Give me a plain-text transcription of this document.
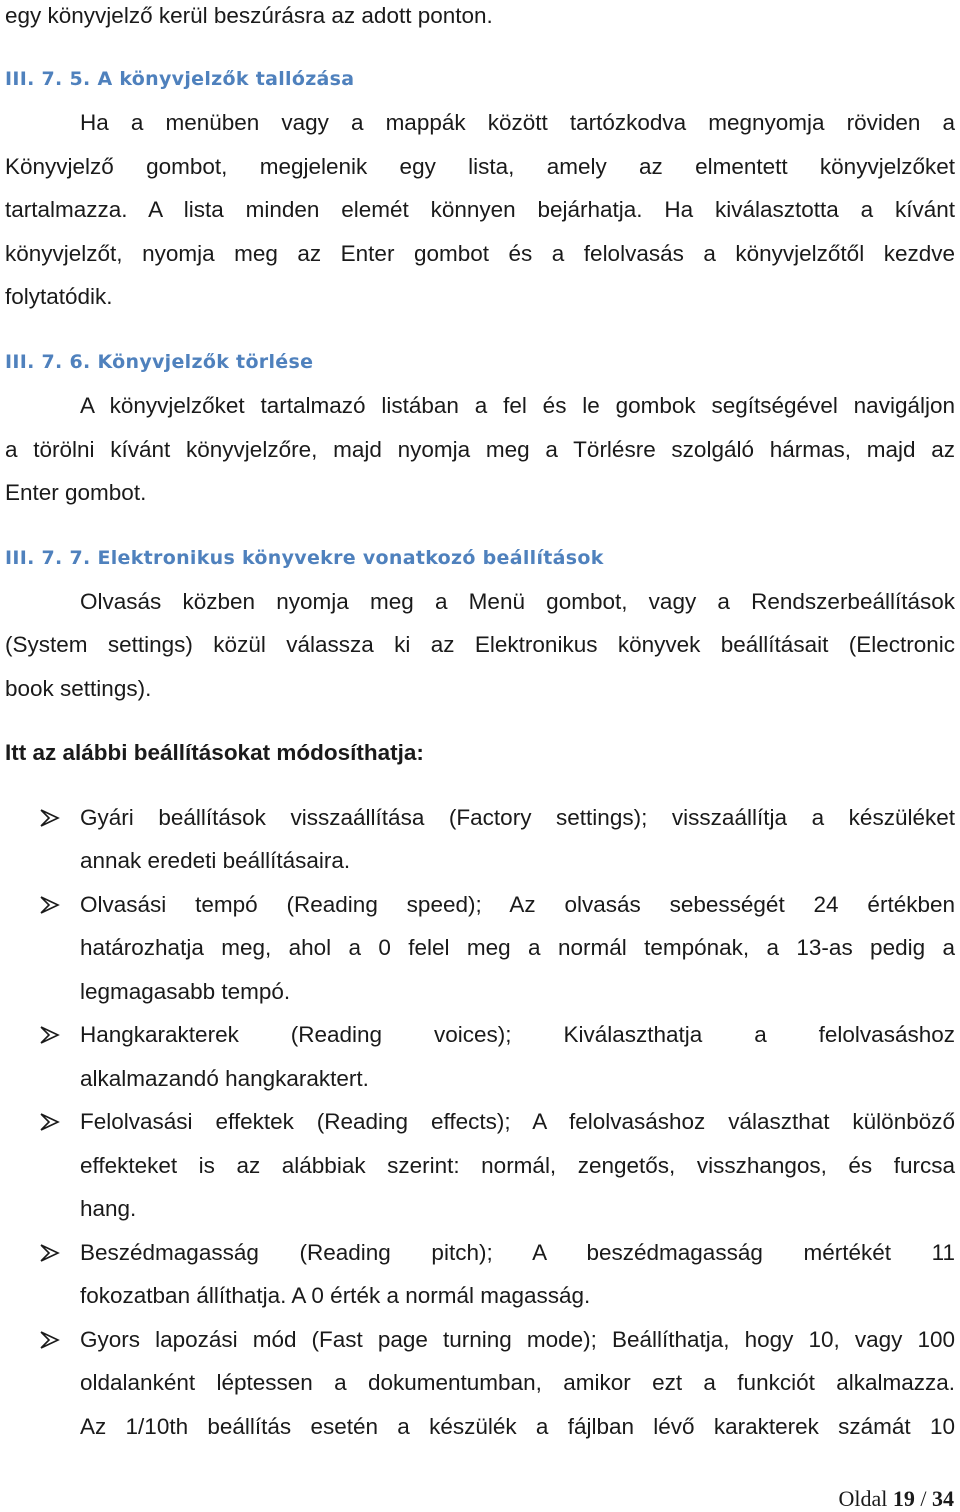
egy könyvjelző kerül beszúrásra az adott ponton.
III. 7. 5. A könyvjelzők tallózása
Ha a menüben vagy a mappák között tartózkodva megnyomja röviden a
Könyvjelző gombot, megjelenik egy lista, amely az elmentett könyvjelzőket
tartalmazza. A lista minden elemét könnyen bejárhatja. Ha kiválasztotta a kívánt
könyvjelzőt, nyomja meg az Enter gombot és a felolvasás a könyvjelzőtől kezdve
folytatódik.
III. 7. 6. Könyvjelzők törlése
A könyvjelzőket tartalmazó listában a fel és le gombok segítségével navigáljon
a törölni kívánt könyvjelzőre, majd nyomja meg a Törlésre szolgáló hármas, majd az
Enter gombot.
III. 7. 7. Elektronikus könyvekre vonatkozó beállítások
Olvasás közben nyomja meg a Menü gombot, vagy a Rendszerbeállítások
(System settings) közül válassza ki az Elektronikus könyvek beállításait (Electronic
book settings).
Itt az alábbi beállításokat módosíthatja:
Gyári beállítások visszaállítása (Factory settings); visszaállítja a készüléket
annak eredeti beállításaira.
Olvasási tempó (Reading speed); Az olvasás sebességét 24 értékben
határozhatja meg, ahol a 0 felel meg a normál tempónak, a 13-as pedig a
legmagasabb tempó.
Hangkarakterek (Reading voices); Kiválaszthatja a felolvasáshoz
alkalmazandó hangkaraktert.
Felolvasási effektek (Reading effects); A felolvasáshoz választhat különböző
effekteket is az alábbiak szerint: normál, zengetős, visszhangos, és furcsa
hang.
Beszédmagasság (Reading pitch); A beszédmagasság mértékét 11
fokozatban állíthatja. A 0 érték a normál magasság.
Gyors lapozási mód (Fast page turning mode); Beállíthatja, hogy 10, vagy 100
oldalanként léptessen a dokumentumban, amikor ezt a funkciót alkalmazza.
Az 1/10th beállítás esetén a készülék a fájlban lévő karakterek számát 10
Oldal 19 / 34
